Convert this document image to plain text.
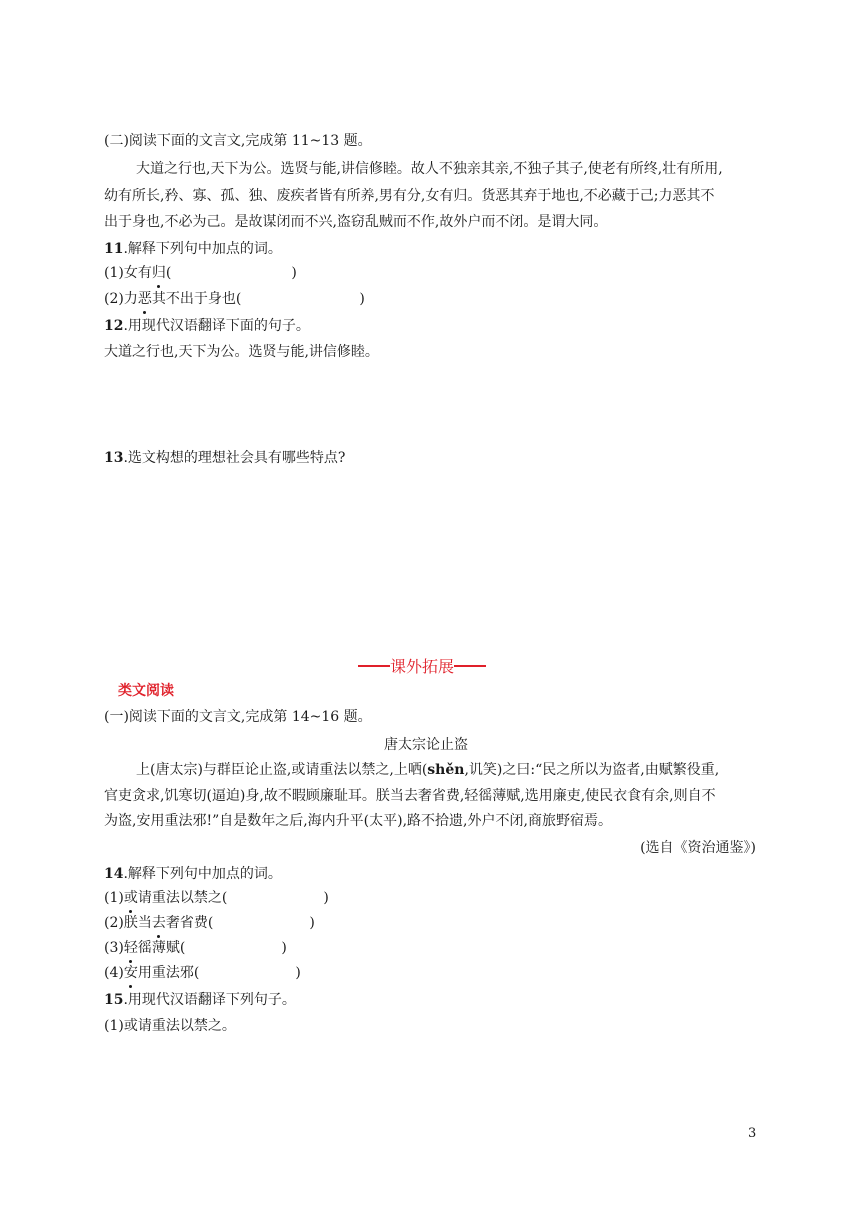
(二)阅读下面的文言文,完成第 11~13 题。
大道之行也,天下为公。选贤与能,讲信修睦。故人不独亲其亲,不独子其子,使老有所终,壮有所用,
幼有所长,矜、寡、孤、独、废疾者皆有所养,男有分,女有归。货恶其弃于地也,不必藏于己;力恶其不
出于身也,不必为己。是故谋闭而不兴,盗窃乱贼而不作,故外户而不闭。是谓大同。
11.解释下列句中加点的词。
(1)女有归(	)
(2)力恶其不出于身也(	)
12.用现代汉语翻译下面的句子。
大道之行也,天下为公。选贤与能,讲信修睦。
13.选文构想的理想社会具有哪些特点?
课外拓展
类文阅读
(一)阅读下面的文言文,完成第 14~16 题。
唐太宗论止盗
上(唐太宗)与群臣论止盗,或请重法以禁之,上哂(shěn,讥笑)之曰:“民之所以为盗者,由赋繁役重,
官吏贪求,饥寒切(逼迫)身,故不暇顾廉耻耳。朕当去奢省费,轻徭薄赋,选用廉吏,使民衣食有余,则自不
为盗,安用重法邪!”自是数年之后,海内升平(太平),路不拾遗,外户不闭,商旅野宿焉。
(选自《资治通鉴》)
14.解释下列句中加点的词。
(1)或请重法以禁之(	)
(2)朕当去奢省费(	)
(3)轻徭薄赋(	)
(4)安用重法邪(	)
15.用现代汉语翻译下列句子。
(1)或请重法以禁之。
3
